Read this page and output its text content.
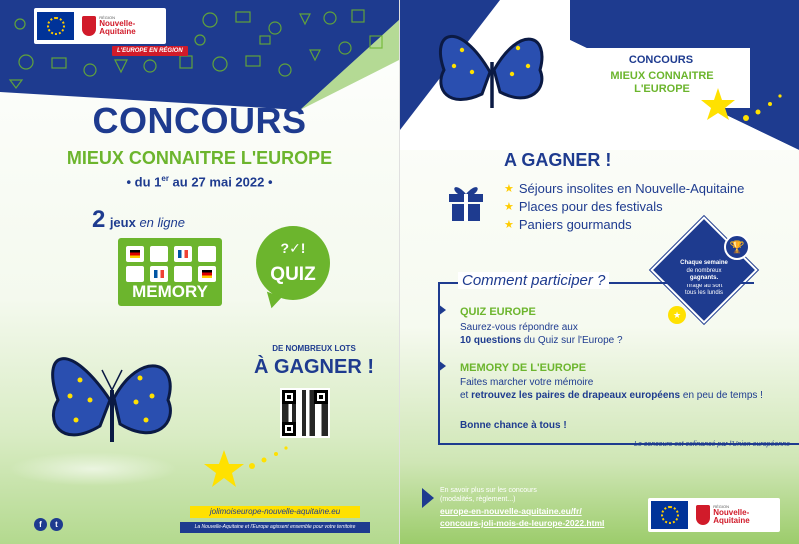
RÉGION
Nouvelle-Aquitaine
L'EUROPE EN RÉGION
CONCOURS
MIEUX CONNAITRE L'EUROPE
• du 1er au 27 mai 2022 •
2 jeux en ligne
MEMORY
?✓!
QUIZ
DE NOMBREUX LOTS
À GAGNER !
jolimoiseurope-nouvelle-aquitaine.eu
La Nouvelle-Aquitaine et l'Europe agissent ensemble pour votre territoire
f	t
CONCOURS
MIEUX CONNAITRE L'EUROPE
A GAGNER !
★ Séjours insolites en Nouvelle-Aquitaine
★ Places pour des festivals
★ Paniers gourmands
🏆
Chaque semaine
de nombreux
gagnants.
Tirage au sort
tous les lundis
★
Comment participer ?
QUIZ EUROPE
Saurez-vous répondre aux
10 questions du Quiz sur l'Europe ?
MEMORY DE L'EUROPE
Faites marcher votre mémoire
et retrouvez les paires de drapeaux européens en peu de temps !
Bonne chance à tous !
Le concours est cofinancé par l'Union européenne
En savoir plus sur les concours
(modalités, règlement...)
europe-en-nouvelle-aquitaine.eu/fr/
concours-joli-mois-de-leurope-2022.html
RÉGION
Nouvelle-Aquitaine
